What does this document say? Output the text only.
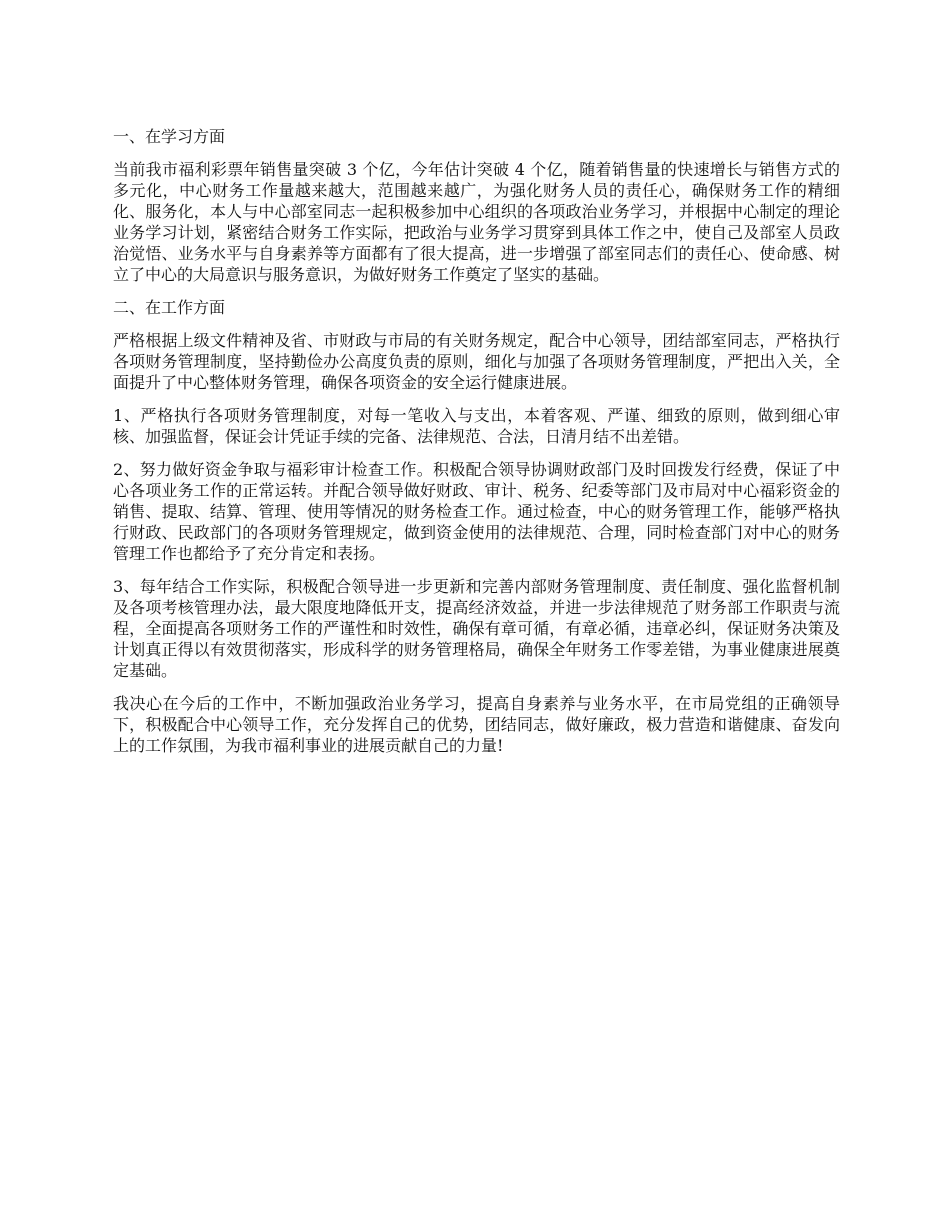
一、在学习方面

当前我市福利彩票年销售量突破 3 个亿，今年估计突破 4 个亿，随着销售量的快速增长与销售方式的多元化，中心财务工作量越来越大，范围越来越广，为强化财务人员的责任心，确保财务工作的精细化、服务化，本人与中心部室同志一起积极参加中心组织的各项政治业务学习，并根据中心制定的理论业务学习计划，紧密结合财务工作实际，把政治与业务学习贯穿到具体工作之中，使自己及部室人员政治觉悟、业务水平与自身素养等方面都有了很大提高，进一步增强了部室同志们的责任心、使命感、树立了中心的大局意识与服务意识，为做好财务工作奠定了坚实的基础。

二、在工作方面

严格根据上级文件精神及省、市财政与市局的有关财务规定，配合中心领导，团结部室同志，严格执行各项财务管理制度，坚持勤俭办公高度负责的原则，细化与加强了各项财务管理制度，严把出入关，全面提升了中心整体财务管理，确保各项资金的安全运行健康进展。

1、严格执行各项财务管理制度，对每一笔收入与支出，本着客观、严谨、细致的原则，做到细心审核、加强监督，保证会计凭证手续的完备、法律规范、合法，日清月结不出差错。

2、努力做好资金争取与福彩审计检查工作。积极配合领导协调财政部门及时回拨发行经费，保证了中心各项业务工作的正常运转。并配合领导做好财政、审计、税务、纪委等部门及市局对中心福彩资金的销售、提取、结算、管理、使用等情况的财务检查工作。通过检查，中心的财务管理工作，能够严格执行财政、民政部门的各项财务管理规定，做到资金使用的法律规范、合理，同时检查部门对中心的财务管理工作也都给予了充分肯定和表扬。

3、每年结合工作实际，积极配合领导进一步更新和完善内部财务管理制度、责任制度、强化监督机制及各项考核管理办法，最大限度地降低开支，提高经济效益，并进一步法律规范了财务部工作职责与流程，全面提高各项财务工作的严谨性和时效性，确保有章可循，有章必循，违章必纠，保证财务决策及计划真正得以有效贯彻落实，形成科学的财务管理格局，确保全年财务工作零差错，为事业健康进展奠定基础。

我决心在今后的工作中，不断加强政治业务学习，提高自身素养与业务水平，在市局党组的正确领导下，积极配合中心领导工作，充分发挥自己的优势，团结同志，做好廉政，极力营造和谐健康、奋发向上的工作氛围，为我市福利事业的进展贡献自己的力量!
